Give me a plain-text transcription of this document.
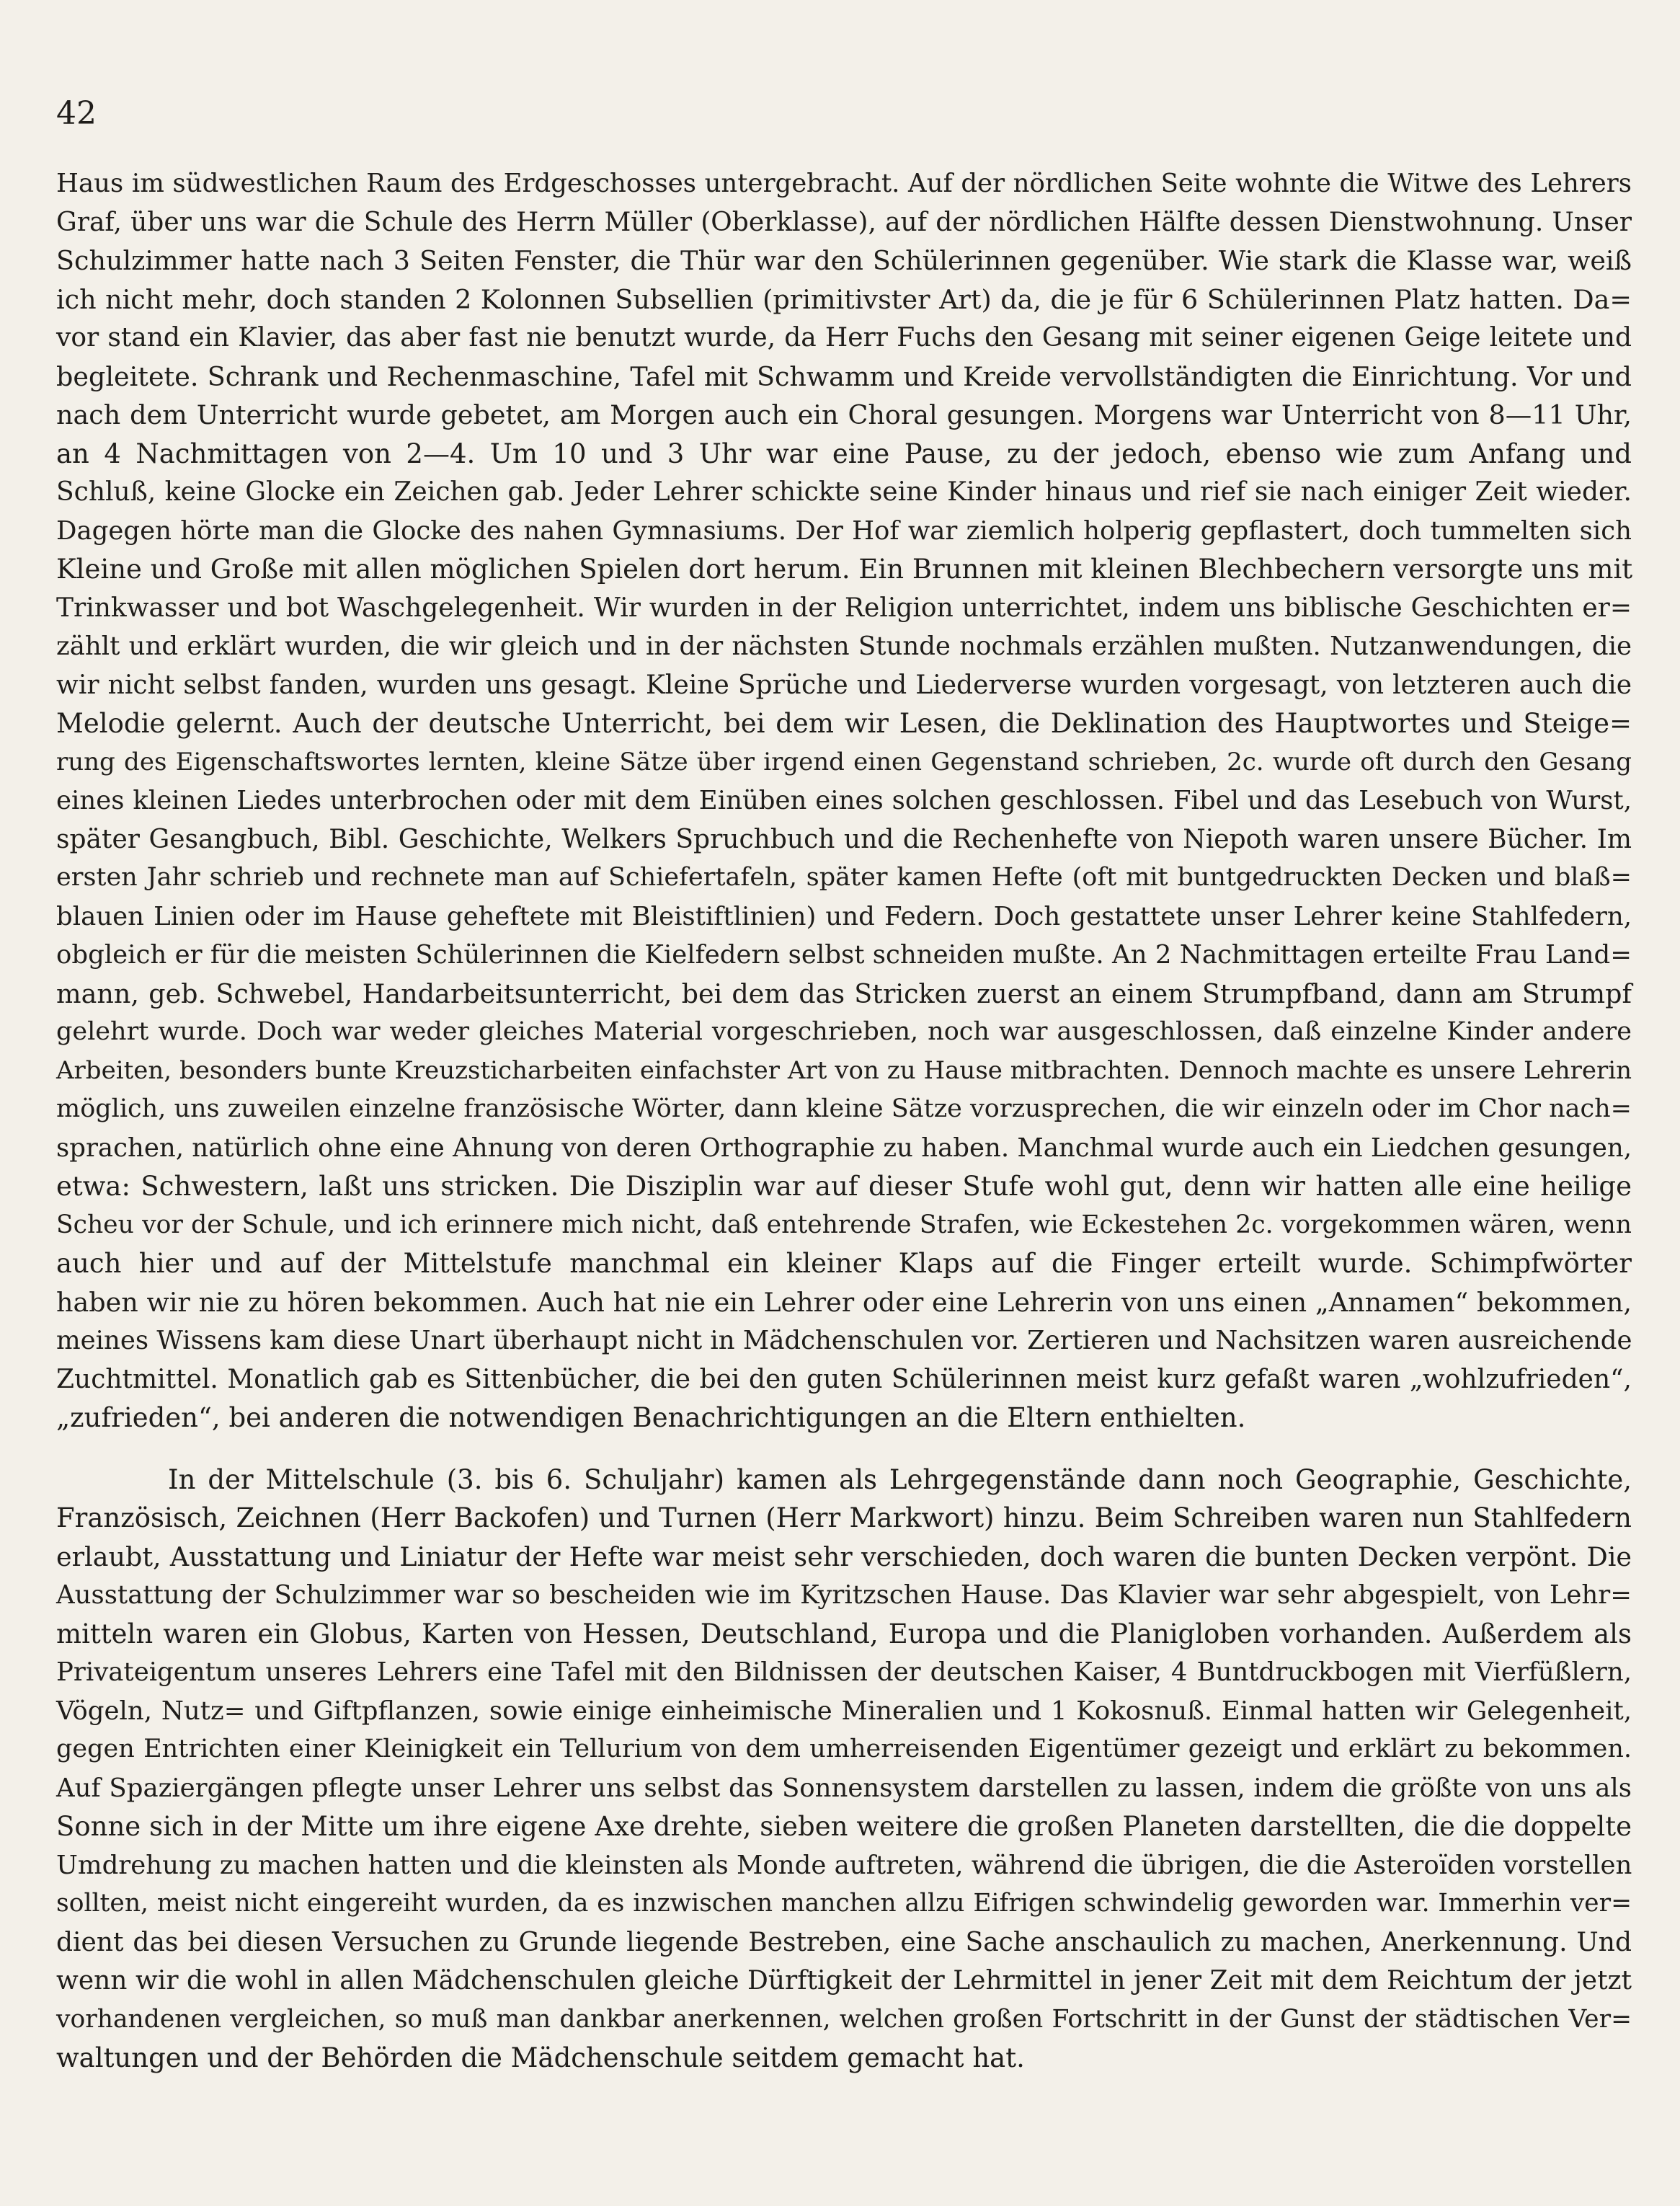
42
Haus im südwestlichen Raum des Erdgeschosses untergebracht. Auf der nördlichen Seite wohnte die Witwe des Lehrers
Graf, über uns war die Schule des Herrn Müller (Oberklasse), auf der nördlichen Hälfte dessen Dienstwohnung. Unser
Schulzimmer hatte nach 3 Seiten Fenster, die Thür war den Schülerinnen gegenüber. Wie stark die Klasse war, weiß
ich nicht mehr, doch standen 2 Kolonnen Subsellien (primitivster Art) da, die je für 6 Schülerinnen Platz hatten. Da=
vor stand ein Klavier, das aber fast nie benutzt wurde, da Herr Fuchs den Gesang mit seiner eigenen Geige leitete und
begleitete. Schrank und Rechenmaschine, Tafel mit Schwamm und Kreide vervollständigten die Einrichtung. Vor und
nach dem Unterricht wurde gebetet, am Morgen auch ein Choral gesungen. Morgens war Unterricht von 8—11 Uhr,
an 4 Nachmittagen von 2—4. Um 10 und 3 Uhr war eine Pause, zu der jedoch, ebenso wie zum Anfang und
Schluß, keine Glocke ein Zeichen gab. Jeder Lehrer schickte seine Kinder hinaus und rief sie nach einiger Zeit wieder.
Dagegen hörte man die Glocke des nahen Gymnasiums. Der Hof war ziemlich holperig gepflastert, doch tummelten sich
Kleine und Große mit allen möglichen Spielen dort herum. Ein Brunnen mit kleinen Blechbechern versorgte uns mit
Trinkwasser und bot Waschgelegenheit. Wir wurden in der Religion unterrichtet, indem uns biblische Geschichten er=
zählt und erklärt wurden, die wir gleich und in der nächsten Stunde nochmals erzählen mußten. Nutzanwendungen, die
wir nicht selbst fanden, wurden uns gesagt. Kleine Sprüche und Liederverse wurden vorgesagt, von letzteren auch die
Melodie gelernt. Auch der deutsche Unterricht, bei dem wir Lesen, die Deklination des Hauptwortes und Steige=
rung des Eigenschaftswortes lernten, kleine Sätze über irgend einen Gegenstand schrieben, 2c. wurde oft durch den Gesang
eines kleinen Liedes unterbrochen oder mit dem Einüben eines solchen geschlossen. Fibel und das Lesebuch von Wurst,
später Gesangbuch, Bibl. Geschichte, Welkers Spruchbuch und die Rechenhefte von Niepoth waren unsere Bücher. Im
ersten Jahr schrieb und rechnete man auf Schiefertafeln, später kamen Hefte (oft mit buntgedruckten Decken und blaß=
blauen Linien oder im Hause geheftete mit Bleistiftlinien) und Federn. Doch gestattete unser Lehrer keine Stahlfedern,
obgleich er für die meisten Schülerinnen die Kielfedern selbst schneiden mußte. An 2 Nachmittagen erteilte Frau Land=
mann, geb. Schwebel, Handarbeitsunterricht, bei dem das Stricken zuerst an einem Strumpfband, dann am Strumpf
gelehrt wurde. Doch war weder gleiches Material vorgeschrieben, noch war ausgeschlossen, daß einzelne Kinder andere
Arbeiten, besonders bunte Kreuzsticharbeiten einfachster Art von zu Hause mitbrachten. Dennoch machte es unsere Lehrerin
möglich, uns zuweilen einzelne französische Wörter, dann kleine Sätze vorzusprechen, die wir einzeln oder im Chor nach=
sprachen, natürlich ohne eine Ahnung von deren Orthographie zu haben. Manchmal wurde auch ein Liedchen gesungen,
etwa: Schwestern, laßt uns stricken. Die Disziplin war auf dieser Stufe wohl gut, denn wir hatten alle eine heilige
Scheu vor der Schule, und ich erinnere mich nicht, daß entehrende Strafen, wie Eckestehen 2c. vorgekommen wären, wenn
auch hier und auf der Mittelstufe manchmal ein kleiner Klaps auf die Finger erteilt wurde. Schimpfwörter
haben wir nie zu hören bekommen. Auch hat nie ein Lehrer oder eine Lehrerin von uns einen „Annamen“ bekommen,
meines Wissens kam diese Unart überhaupt nicht in Mädchenschulen vor. Zertieren und Nachsitzen waren ausreichende
Zuchtmittel. Monatlich gab es Sittenbücher, die bei den guten Schülerinnen meist kurz gefaßt waren „wohlzufrieden“,
„zufrieden“, bei anderen die notwendigen Benachrichtigungen an die Eltern enthielten.
In der Mittelschule (3. bis 6. Schuljahr) kamen als Lehrgegenstände dann noch Geographie, Geschichte,
Französisch, Zeichnen (Herr Backofen) und Turnen (Herr Markwort) hinzu. Beim Schreiben waren nun Stahlfedern
erlaubt, Ausstattung und Liniatur der Hefte war meist sehr verschieden, doch waren die bunten Decken verpönt. Die
Ausstattung der Schulzimmer war so bescheiden wie im Kyritzschen Hause. Das Klavier war sehr abgespielt, von Lehr=
mitteln waren ein Globus, Karten von Hessen, Deutschland, Europa und die Planigloben vorhanden. Außerdem als
Privateigentum unseres Lehrers eine Tafel mit den Bildnissen der deutschen Kaiser, 4 Buntdruckbogen mit Vierfüßlern,
Vögeln, Nutz= und Giftpflanzen, sowie einige einheimische Mineralien und 1 Kokosnuß. Einmal hatten wir Gelegenheit,
gegen Entrichten einer Kleinigkeit ein Tellurium von dem umherreisenden Eigentümer gezeigt und erklärt zu bekommen.
Auf Spaziergängen pflegte unser Lehrer uns selbst das Sonnensystem darstellen zu lassen, indem die größte von uns als
Sonne sich in der Mitte um ihre eigene Axe drehte, sieben weitere die großen Planeten darstellten, die die doppelte
Umdrehung zu machen hatten und die kleinsten als Monde auftreten, während die übrigen, die die Asteroïden vorstellen
sollten, meist nicht eingereiht wurden, da es inzwischen manchen allzu Eifrigen schwindelig geworden war. Immerhin ver=
dient das bei diesen Versuchen zu Grunde liegende Bestreben, eine Sache anschaulich zu machen, Anerkennung. Und
wenn wir die wohl in allen Mädchenschulen gleiche Dürftigkeit der Lehrmittel in jener Zeit mit dem Reichtum der jetzt
vorhandenen vergleichen, so muß man dankbar anerkennen, welchen großen Fortschritt in der Gunst der städtischen Ver=
waltungen und der Behörden die Mädchenschule seitdem gemacht hat.
